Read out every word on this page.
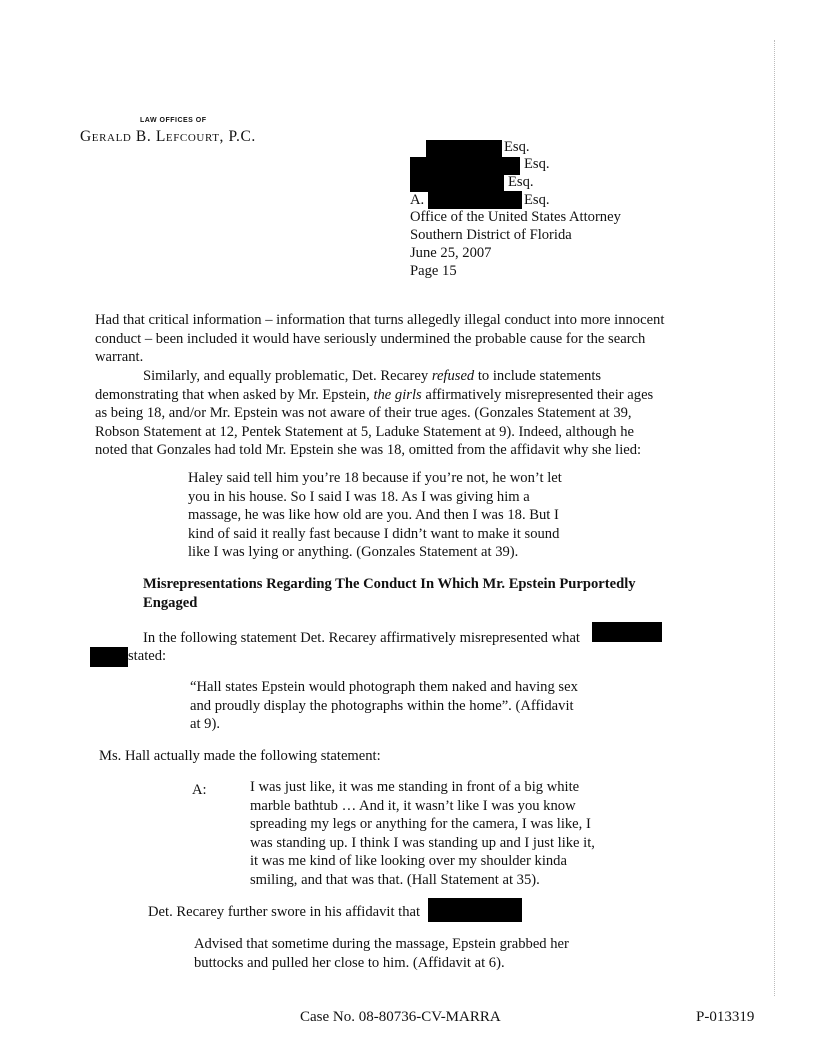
LAW OFFICES OF
Gerald B. Lefcourt, P.C.
Esq.
Esq.
Esq.
A.	Esq.
Office of the United States Attorney
Southern District of Florida
June 25, 2007
Page 15
Had that critical information – information that turns allegedly illegal conduct into more innocent
conduct – been included it would have seriously undermined the probable cause for the search
warrant.
Similarly, and equally problematic, Det. Recarey refused to include statements
demonstrating that when asked by Mr. Epstein, the girls affirmatively misrepresented their ages
as being 18, and/or Mr. Epstein was not aware of their true ages. (Gonzales Statement at 39,
Robson Statement at 12, Pentek Statement at 5, Laduke Statement at 9). Indeed, although he
noted that Gonzales had told Mr. Epstein she was 18, omitted from the affidavit why she lied:
Haley said tell him you’re 18 because if you’re not, he won’t let
you in his house. So I said I was 18. As I was giving him a
massage, he was like how old are you. And then I was 18. But I
kind of said it really fast because I didn’t want to make it sound
like I was lying or anything. (Gonzales Statement at 39).
Misrepresentations Regarding The Conduct In Which Mr. Epstein Purportedly
Engaged
In the following statement Det. Recarey affirmatively misrepresented what
stated:
“Hall states Epstein would photograph them naked and having sex
and proudly display the photographs within the home”. (Affidavit
at 9).
Ms. Hall actually made the following statement:
A:	I was just like, it was me standing in front of a big white
marble bathtub … And it, it wasn’t like I was you know
spreading my legs or anything for the camera, I was like, I
was standing up. I think I was standing up and I just like it,
it was me kind of like looking over my shoulder kinda
smiling, and that was that. (Hall Statement at 35).
Det. Recarey further swore in his affidavit that
Advised that sometime during the massage, Epstein grabbed her
buttocks and pulled her close to him. (Affidavit at 6).
Case No. 08-80736-CV-MARRA	P-013319
